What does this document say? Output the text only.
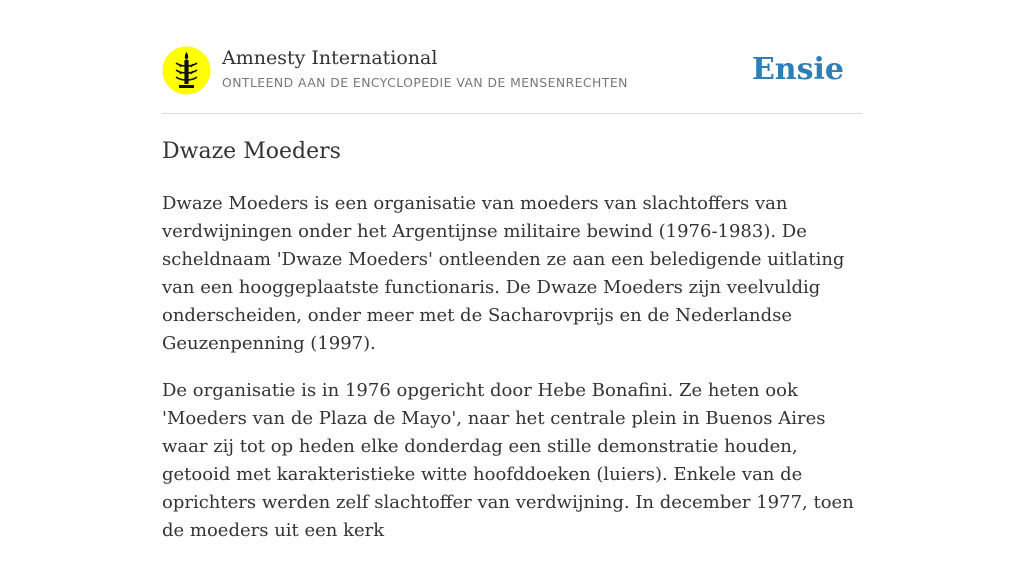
Amnesty International
ONTLEEND AAN DE ENCYCLOPEDIE VAN DE MENSENRECHTEN	Ensie
Dwaze Moeders

Dwaze Moeders is een organisatie van moeders van slachtoffers van verdwijningen onder het Argentijnse militaire bewind (1976-1983). De scheldnaam 'Dwaze Moeders' ontleenden ze aan een beledigende uitlating van een hooggeplaatste functionaris. De Dwaze Moeders zijn veelvuldig onderscheiden, onder meer met de Sacharovprijs en de Nederlandse Geuzenpenning (1997).

De organisatie is in 1976 opgericht door Hebe Bonafini. Ze heten ook 'Moeders van de Plaza de Mayo', naar het centrale plein in Buenos Aires waar zij tot op heden elke donderdag een stille demonstratie houden, getooid met karakteristieke witte hoofddoeken (luiers). Enkele van de oprichters werden zelf slachtoffer van verdwijning. In december 1977, toen de moeders uit een kerk
